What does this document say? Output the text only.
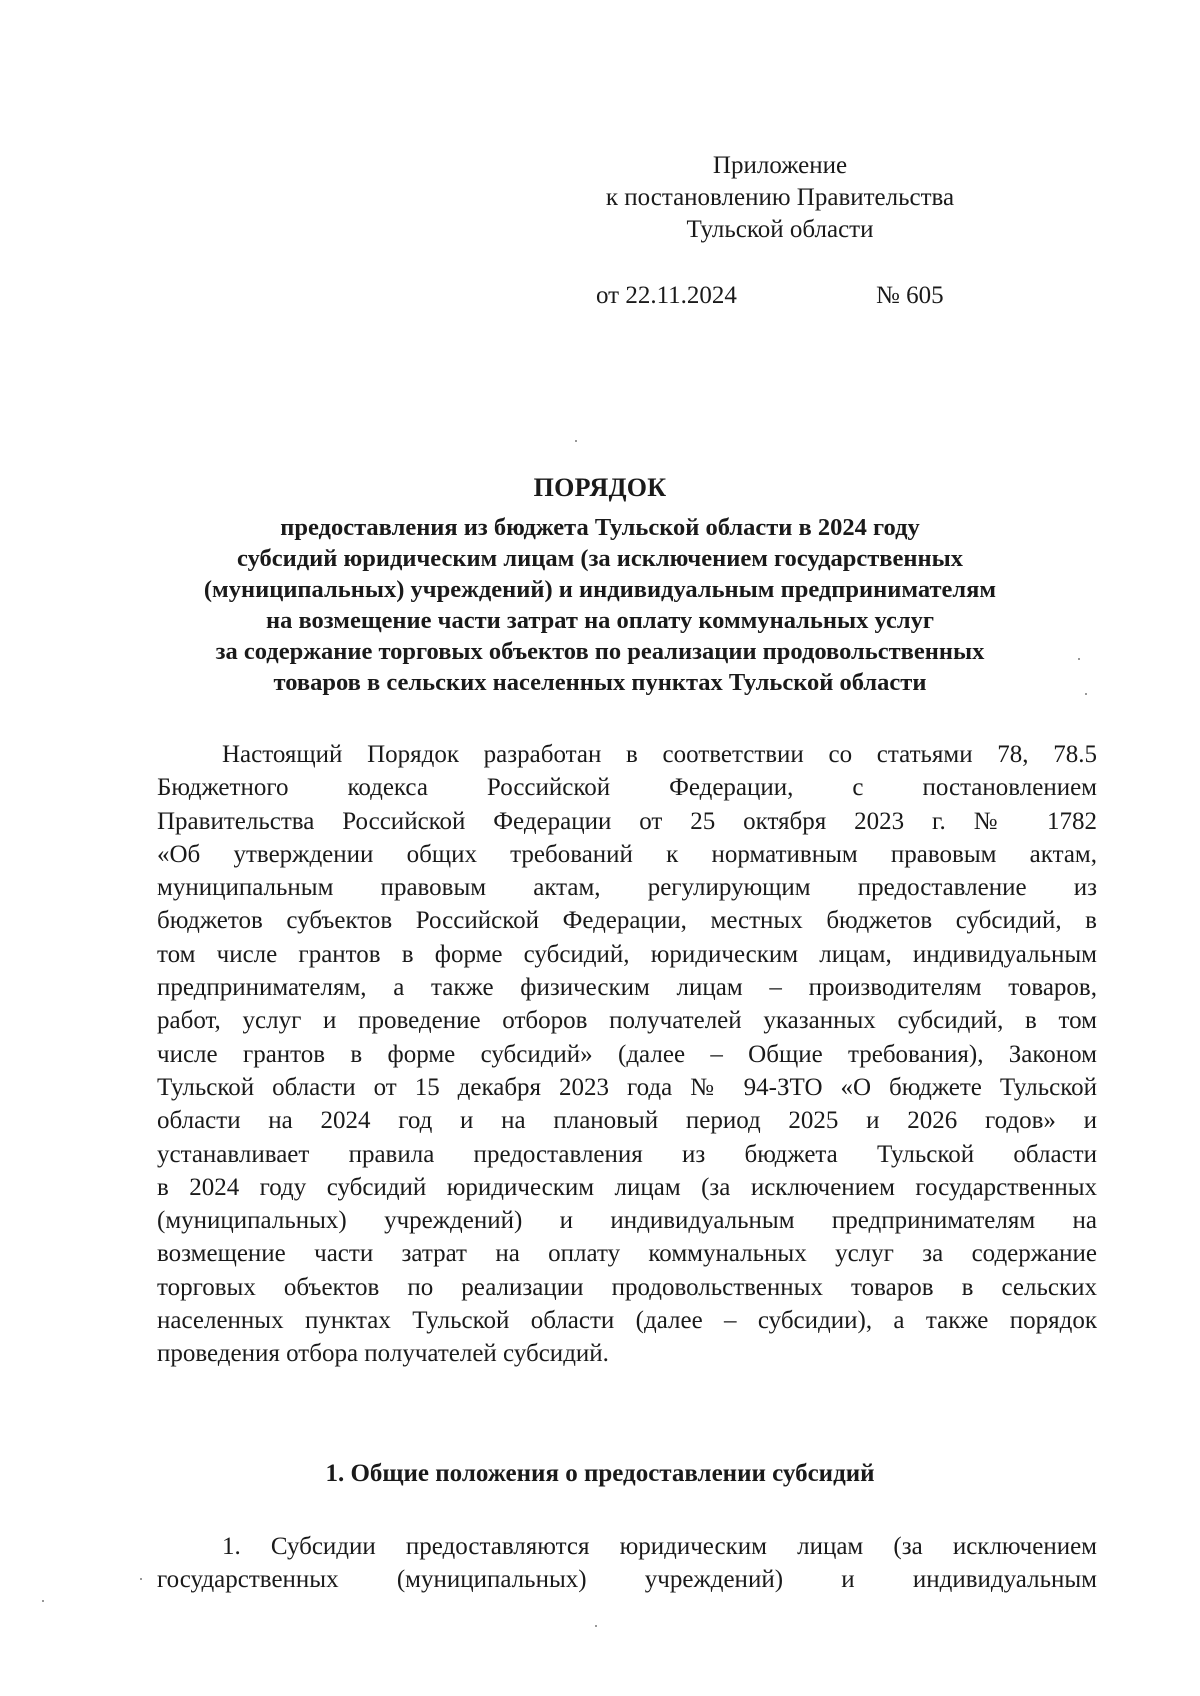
Приложение
к постановлению Правительства
Тульской области
от 22.11.2024	№ 605
ПОРЯДОК
предоставления из бюджета Тульской области в 2024 году
субсидий юридическим лицам (за исключением государственных
(муниципальных) учреждений) и индивидуальным предпринимателям
на возмещение части затрат на оплату коммунальных услуг
за содержание торговых объектов по реализации продовольственных
товаров в сельских населенных пунктах Тульской области
Настоящий Порядок разработан в соответствии со статьями 78, 78.5
Бюджетного кодекса Российской Федерации, с постановлением
Правительства Российской Федерации от 25 октября 2023 г. № 1782
«Об утверждении общих требований к нормативным правовым актам,
муниципальным правовым актам, регулирующим предоставление из
бюджетов субъектов Российской Федерации, местных бюджетов субсидий, в
том числе грантов в форме субсидий, юридическим лицам, индивидуальным
предпринимателям, а также физическим лицам – производителям товаров,
работ, услуг и проведение отборов получателей указанных субсидий, в том
числе грантов в форме субсидий» (далее – Общие требования), Законом
Тульской области от 15 декабря 2023 года № 94-ЗТО «О бюджете Тульской
области на 2024 год и на плановый период 2025 и 2026 годов» и
устанавливает правила предоставления из бюджета Тульской области
в 2024 году субсидий юридическим лицам (за исключением государственных
(муниципальных) учреждений) и индивидуальным предпринимателям на
возмещение части затрат на оплату коммунальных услуг за содержание
торговых объектов по реализации продовольственных товаров в сельских
населенных пунктах Тульской области (далее – субсидии), а также порядок
проведения отбора получателей субсидий.
1. Общие положения о предоставлении субсидий
1. Субсидии предоставляются юридическим лицам (за исключением
государственных (муниципальных) учреждений) и индивидуальным
